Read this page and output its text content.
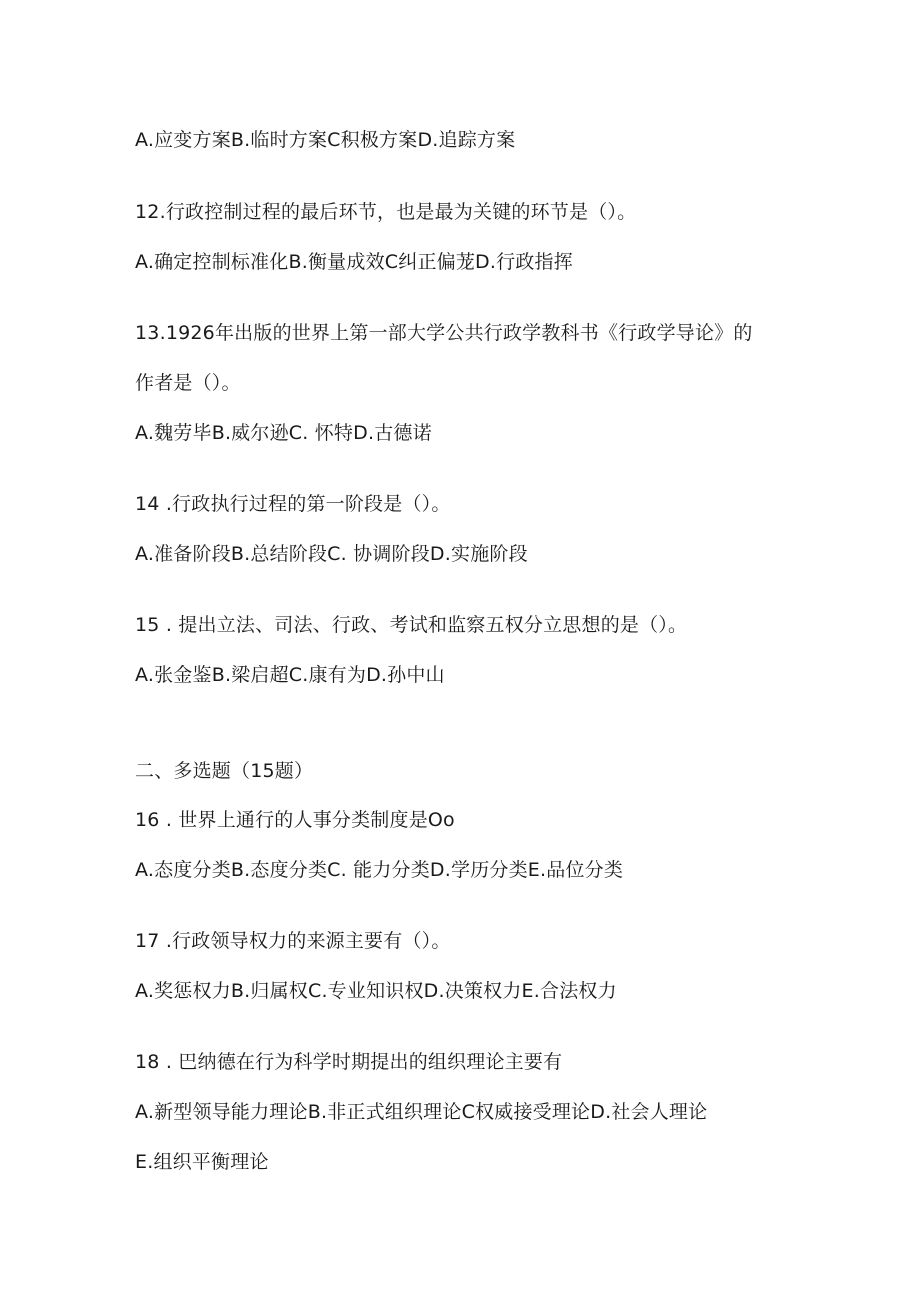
A.应变方案B.临时方案C积极方案D.追踪方案

12.行政控制过程的最后环节，也是最为关键的环节是（）。

A.确定控制标准化B.衡量成效C纠正偏茏D.行政指挥

13.1926年出版的世界上第一部大学公共行政学教科书《行政学导论》的

作者是（）。

A.魏劳毕B.威尔逊C. 怀特D.古德诺

14 .行政执行过程的第一阶段是（）。

A.准备阶段B.总结阶段C. 协调阶段D.实施阶段

15 . 提出立法、司法、行政、考试和监察五权分立思想的是（）。

A.张金鉴B.梁启超C.康有为D.孙中山

二、多选题（15题）

16 . 世界上通行的人事分类制度是Oo

A.态度分类B.态度分类C. 能力分类D.学历分类E.品位分类

17 .行政领导权力的来源主要有（）。

A.奖惩权力B.归属权C.专业知识权D.决策权力E.合法权力

18 . 巴纳德在行为科学时期提出的组织理论主要有

A.新型领导能力理论B.非正式组织理论C权威接受理论D.社会人理论

E.组织平衡理论
